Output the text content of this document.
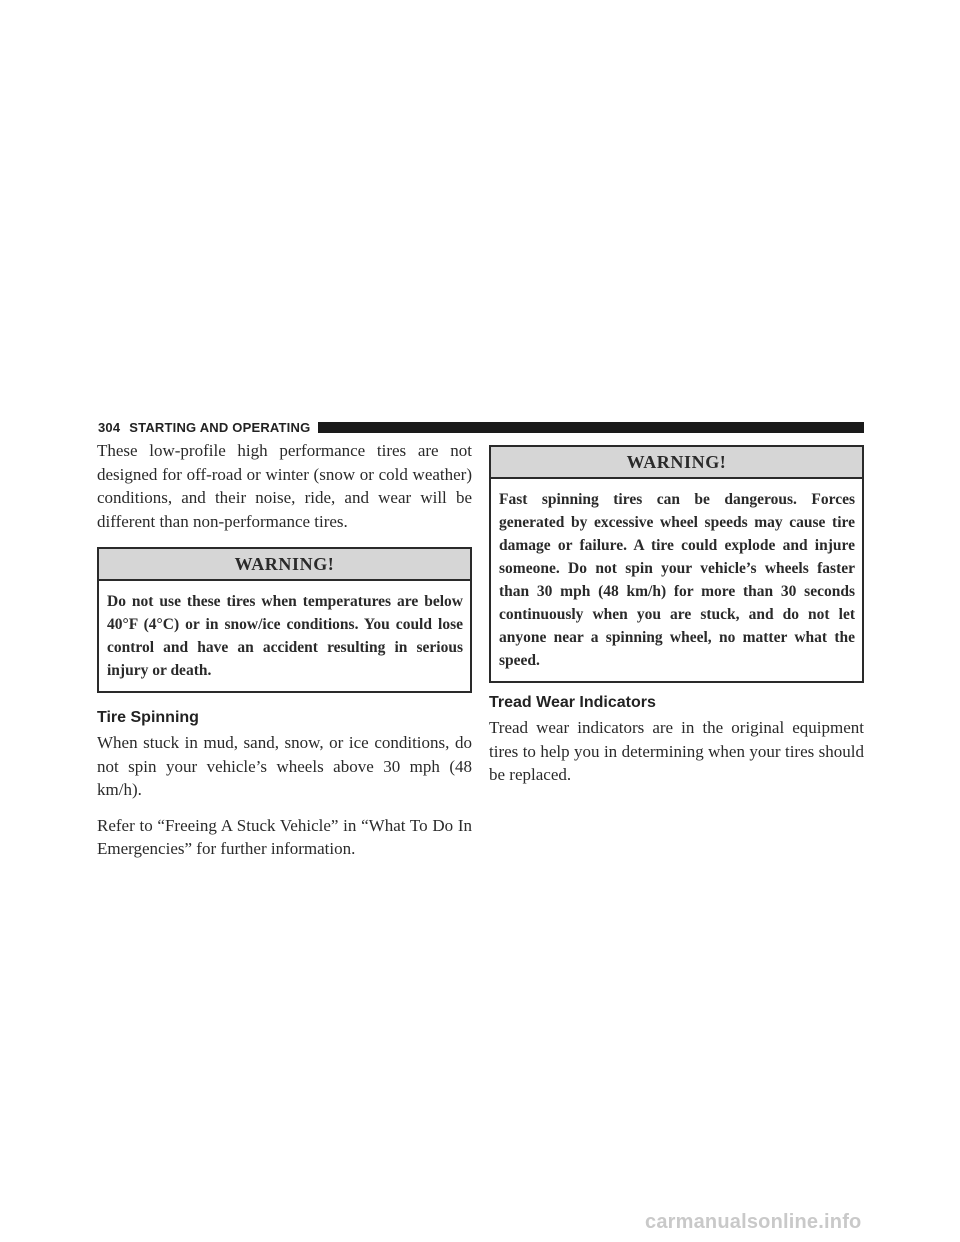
304 STARTING AND OPERATING

These low-profile high performance tires are not designed for off-road or winter (snow or cold weather) conditions, and their noise, ride, and wear will be different than non-performance tires.

WARNING!
Do not use these tires when temperatures are below 40°F (4°C) or in snow/ice conditions. You could lose control and have an accident resulting in serious injury or death.
Tire Spinning

When stuck in mud, sand, snow, or ice conditions, do not spin your vehicle’s wheels above 30 mph (48 km/h).

Refer to “Freeing A Stuck Vehicle” in “What To Do In Emergencies” for further information.

WARNING!
Fast spinning tires can be dangerous. Forces generated by excessive wheel speeds may cause tire damage or failure. A tire could explode and injure someone. Do not spin your vehicle’s wheels faster than 30 mph (48 km/h) for more than 30 seconds continuously when you are stuck, and do not let anyone near a spinning wheel, no matter what the speed.
Tread Wear Indicators

Tread wear indicators are in the original equipment tires to help you in determining when your tires should be replaced.

carmanualsonline.info
